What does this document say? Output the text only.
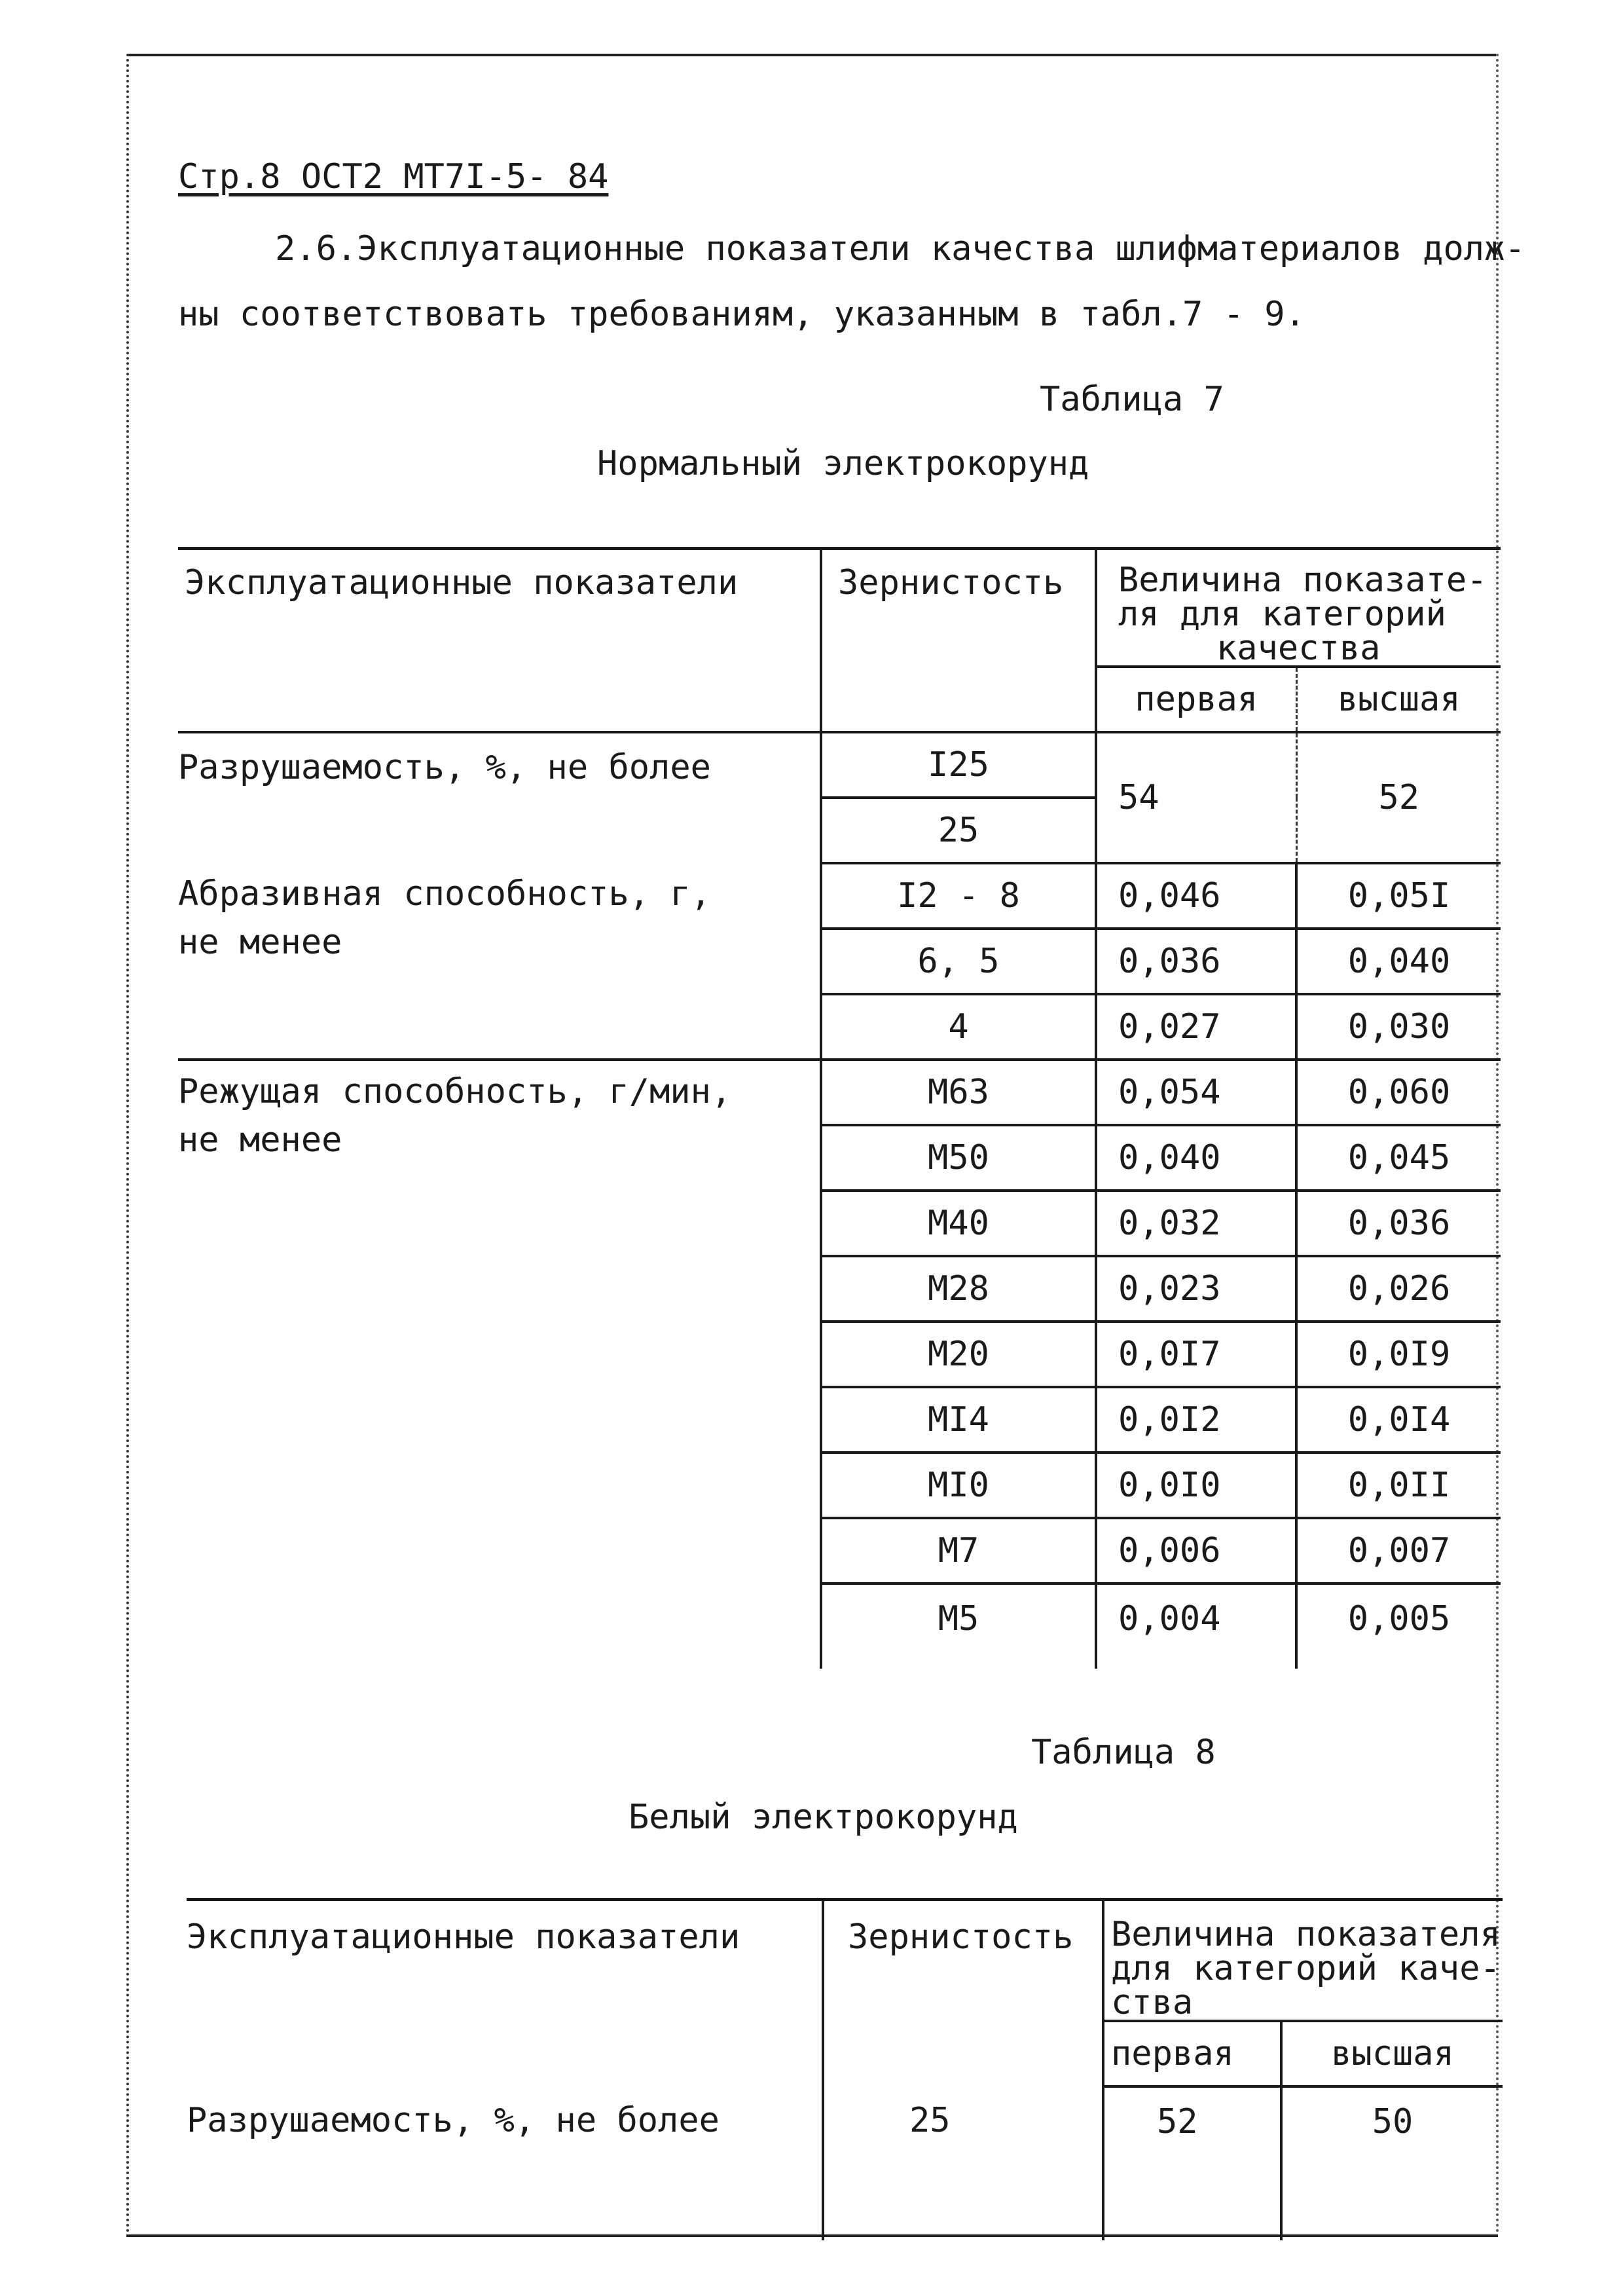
Стр.8 ОСТ2 МТ7I-5- 84
2.6.Эксплуатационные показатели качества шлифматериалов долж-
ны соответствовать требованиям, указанным в табл.7 - 9.
Таблица 7
Нормальный электрокорунд
Эксплуатационные показатели	Зернистость	Величина показате-
ля для категорий
качества	

		первая	высшая
Разрушаемость, %, не более	I25	54	52
	25		

Абразивная способность, г,
не менее	I2 - 8	0,046	0,05I
	6, 5	0,036	0,040
	4	0,027	0,030

Режущая способность, г/мин,
не менее	М63	0,054	0,060
	М50	0,040	0,045
	М40	0,032	0,036
	М28	0,023	0,026
	М20	0,0I7	0,0I9
	МI4	0,0I2	0,0I4
	МI0	0,0I0	0,0II
	М7	0,006	0,007
	М5	0,004	0,005
Таблица 8
Белый электрокорунд
Эксплуатационные показатели	Зернистость	Величина показателя
для категорий каче-
ства	

		первая	высшая
Разрушаемость, %, не более	25	52	50
